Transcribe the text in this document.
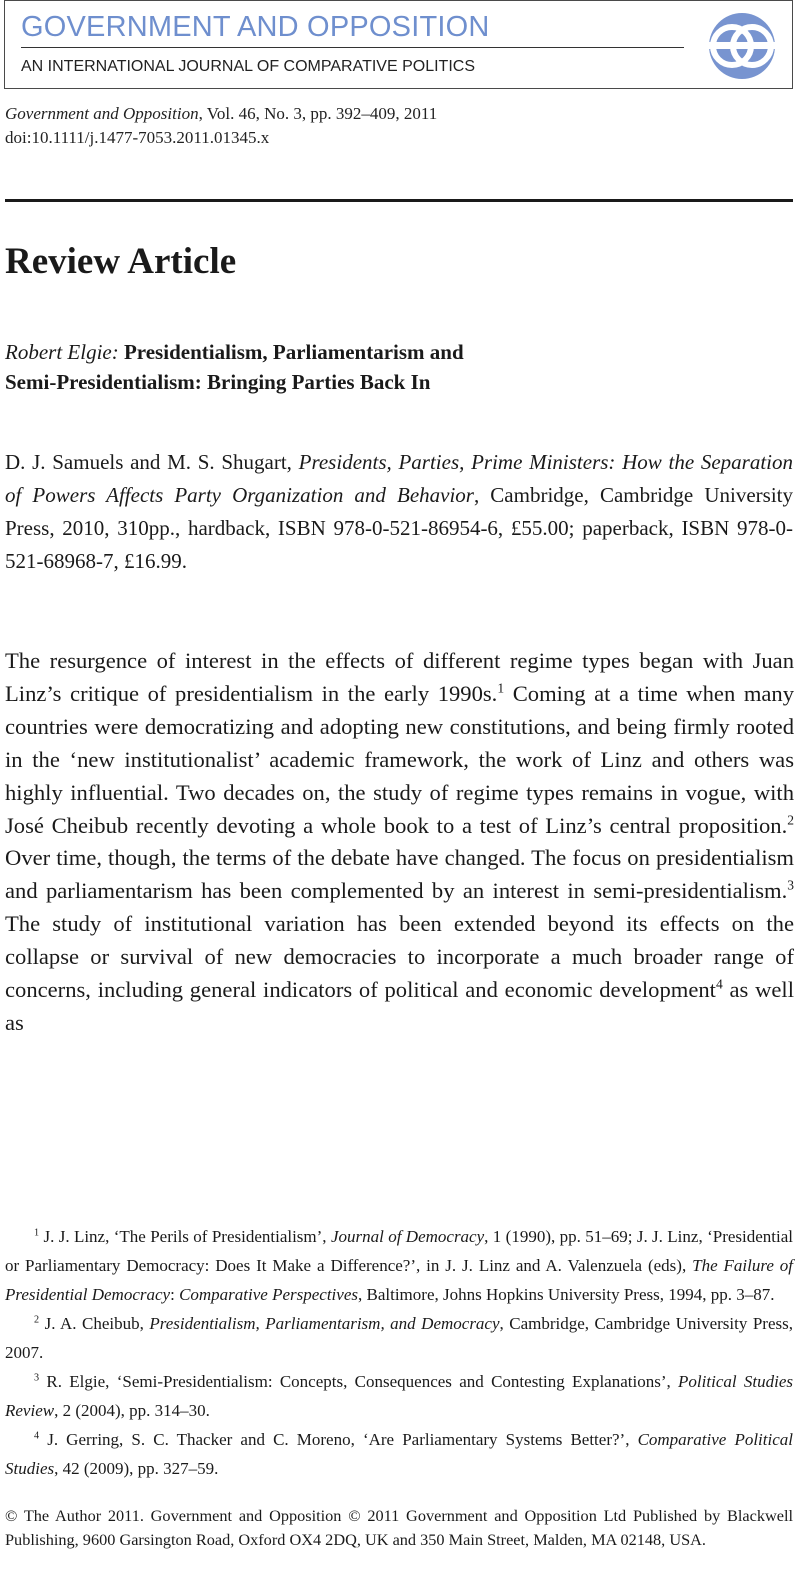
GOVERNMENT AND OPPOSITION
AN INTERNATIONAL JOURNAL OF COMPARATIVE POLITICS
Government and Opposition, Vol. 46, No. 3, pp. 392–409, 2011
doi:10.1111/j.1477-7053.2011.01345.x
Review Article
Robert Elgie: Presidentialism, Parliamentarism and
Semi-Presidentialism: Bringing Parties Back In
D. J. Samuels and M. S. Shugart, Presidents, Parties, Prime Ministers: How the Separation of Powers Affects Party Organization and Behavior, Cambridge, Cambridge University Press, 2010, 310pp., hardback, ISBN 978-0-521-86954-6, £55.00; paperback, ISBN 978-0-521-68968-7, £16.99.
The resurgence of interest in the effects of different regime types began with Juan Linz’s critique of presidentialism in the early 1990s.$^1$ Coming at a time when many countries were democratizing and adopting new constitutions, and being firmly rooted in the ‘new institutionalist’ academic framework, the work of Linz and others was highly influential. Two decades on, the study of regime types remains in vogue, with José Cheibub recently devoting a whole book to a test of Linz’s central proposition.$^2$ Over time, though, the terms of the debate have changed. The focus on presidentialism and parliamentarism has been complemented by an interest in semi-presidentialism.$^3$ The study of institutional variation has been extended beyond its effects on the collapse or survival of new democracies to incorporate a much broader range of concerns, including general indicators of political and economic development$^4$ as well as

$^1$ J. J. Linz, ‘The Perils of Presidentialism’, Journal of Democracy, 1 (1990), pp. 51–69; J. J. Linz, ‘Presidential or Parliamentary Democracy: Does It Make a Difference?’, in J. J. Linz and A. Valenzuela (eds), The Failure of Presidential Democracy: Comparative Perspectives, Baltimore, Johns Hopkins University Press, 1994, pp. 3–87.

$^2$ J. A. Cheibub, Presidentialism, Parliamentarism, and Democracy, Cambridge, Cambridge University Press, 2007.

$^3$ R. Elgie, ‘Semi-Presidentialism: Concepts, Consequences and Contesting Explanations’, Political Studies Review, 2 (2004), pp. 314–30.

$^4$ J. Gerring, S. C. Thacker and C. Moreno, ‘Are Parliamentary Systems Better?’, Comparative Political Studies, 42 (2009), pp. 327–59.

© The Author 2011. Government and Opposition © 2011 Government and Opposition Ltd Published by Blackwell Publishing, 9600 Garsington Road, Oxford OX4 2DQ, UK and 350 Main Street, Malden, MA 02148, USA.
